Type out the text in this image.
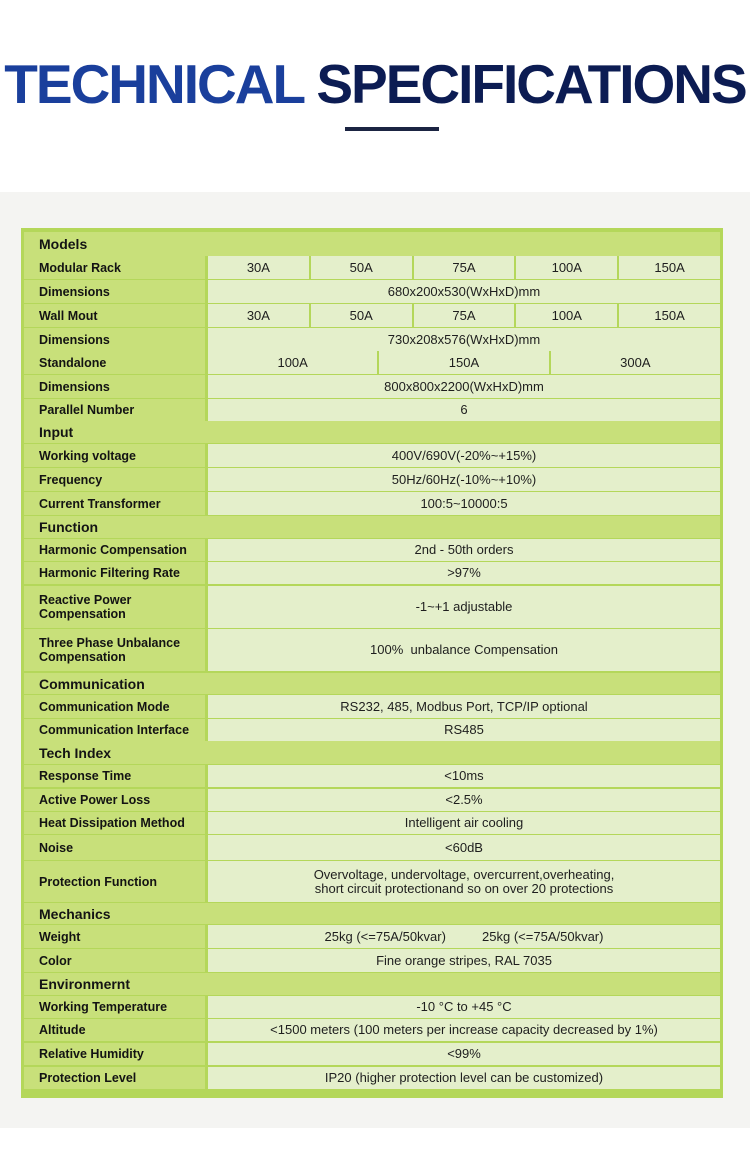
TECHNICAL SPECIFICATIONS
Models
Modular Rack	30A	50A	75A	100A	150A
Dimensions	680x200x530(WxHxD)mm
Wall Mout	30A	50A	75A	100A	150A
Dimensions	730x208x576(WxHxD)mm
Standalone	100A	150A	300A
Dimensions	800x800x2200(WxHxD)mm
Parallel Number	6
Input
Working voltage	400V/690V(-20%~+15%)
Frequency	50Hz/60Hz(-10%~+10%)
Current Transformer	100:5~10000:5
Function
Harmonic Compensation	2nd - 50th orders
Harmonic Filtering Rate	>97%
Reactive Power Compensation	-1~+1 adjustable
Three Phase Unbalance Compensation	100%  unbalance Compensation
Communication
Communication Mode	RS232, 485, Modbus Port, TCP/IP optional
Communication Interface	RS485
Tech Index
Response Time	<10ms
Active Power Loss	<2.5%
Heat Dissipation Method	Intelligent air cooling
Noise	<60dB
Protection Function	Overvoltage, undervoltage, overcurrent,overheating,
short circuit protectionand so on over 20 protections
Mechanics
Weight	25kg (<=75A/50kvar)          25kg (<=75A/50kvar)
Color	Fine orange stripes, RAL 7035
Environmernt
Working Temperature	-10 °C to +45 °C
Altitude	<1500 meters (100 meters per increase capacity decreased by 1%)
Relative Humidity	<99%
Protection Level	IP20 (higher protection level can be customized)
